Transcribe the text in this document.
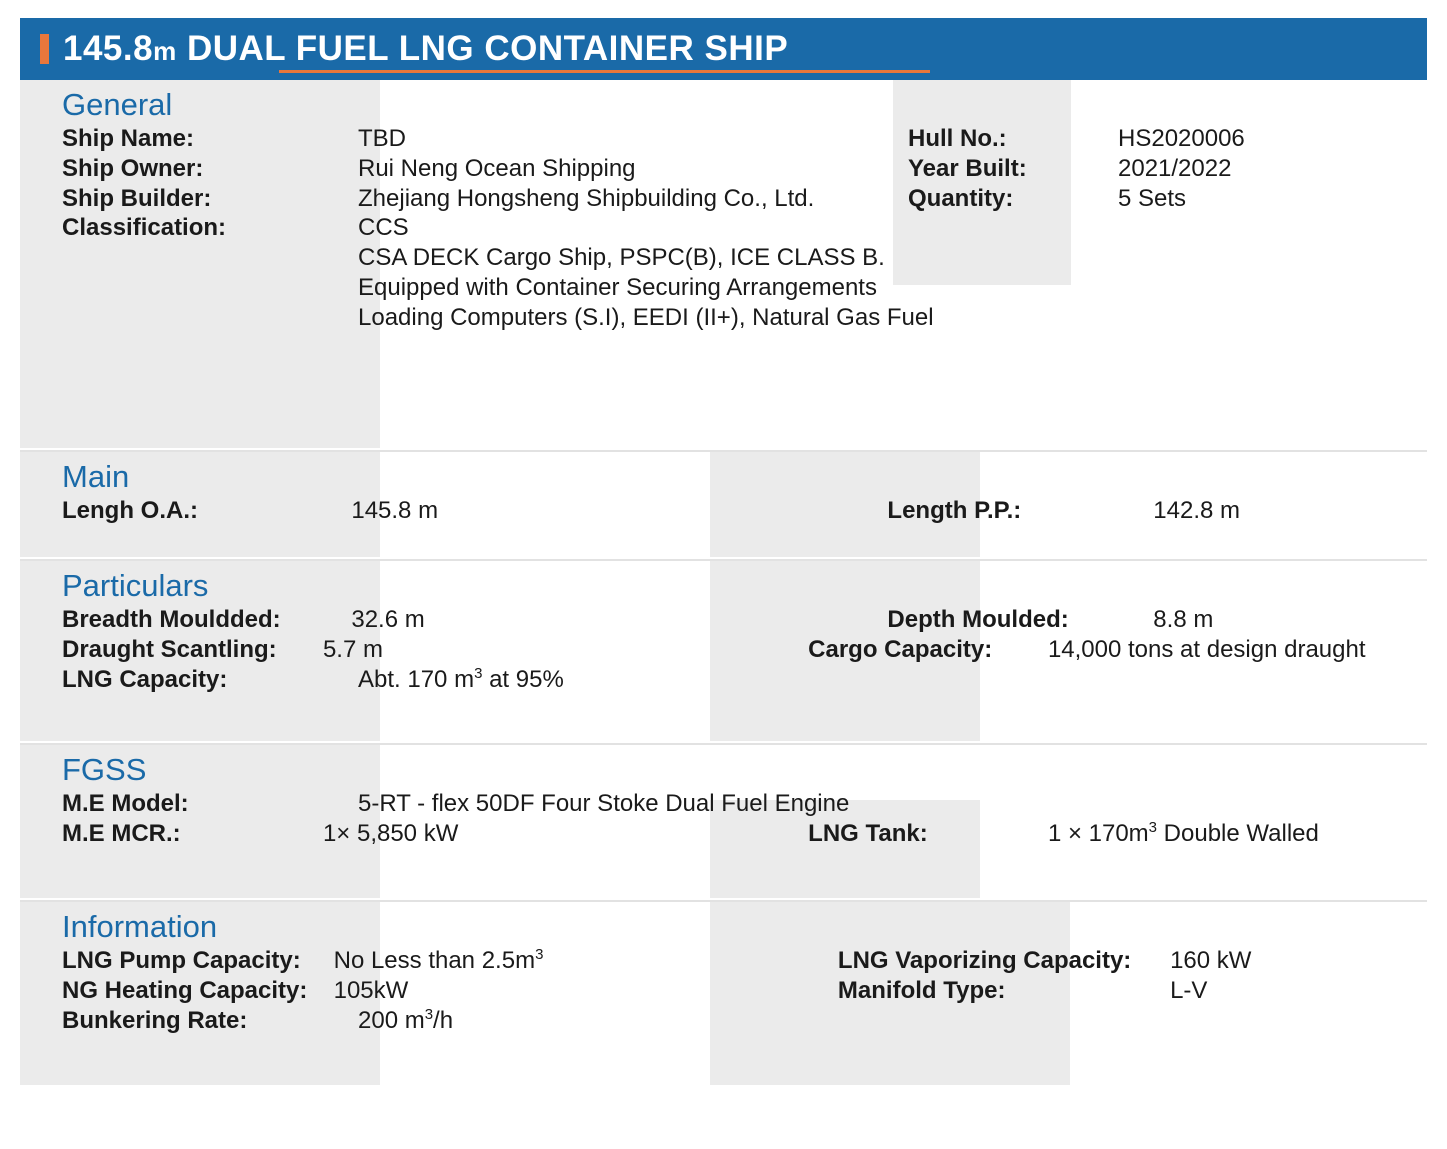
145.8m DUAL FUEL LNG CONTAINER SHIP
General
Ship Name:	TBD	Hull No.:	HS2020006
Ship Owner:	Rui Neng Ocean Shipping	Year Built:	2021/2022
Ship Builder:	Zhejiang Hongsheng Shipbuilding Co., Ltd.	Quantity:	5 Sets
Classification:	CCS

CSA DECK Cargo Ship, PSPC(B), ICE CLASS B.

Equipped with Container Securing Arrangements

Loading Computers (S.I), EEDI (II+), Natural Gas Fuel
Main
Lengh O.A.:	145.8 m	Length P.P.:	142.8 m
Particulars
Breadth Mouldded:	32.6 m	Depth Moulded:	8.8 m
Draught Scantling:	5.7 m	Cargo Capacity:	14,000 tons at design draught
LNG Capacity:	Abt. 170 $m^3$ at 95%
FGSS
M.E Model:	5-RT - flex 50DF Four Stoke Dual Fuel Engine
M.E MCR.:	1× 5,850 kW	LNG Tank:	$1 \times 170m^3$ Double Walled
Information
LNG Pump Capacity:	No Less than $2.5m^3$	LNG Vaporizing Capacity:	160 kW
NG Heating Capacity:	105kW	Manifold Type:	L-V
Bunkering Rate:	200 $m^3/h$
